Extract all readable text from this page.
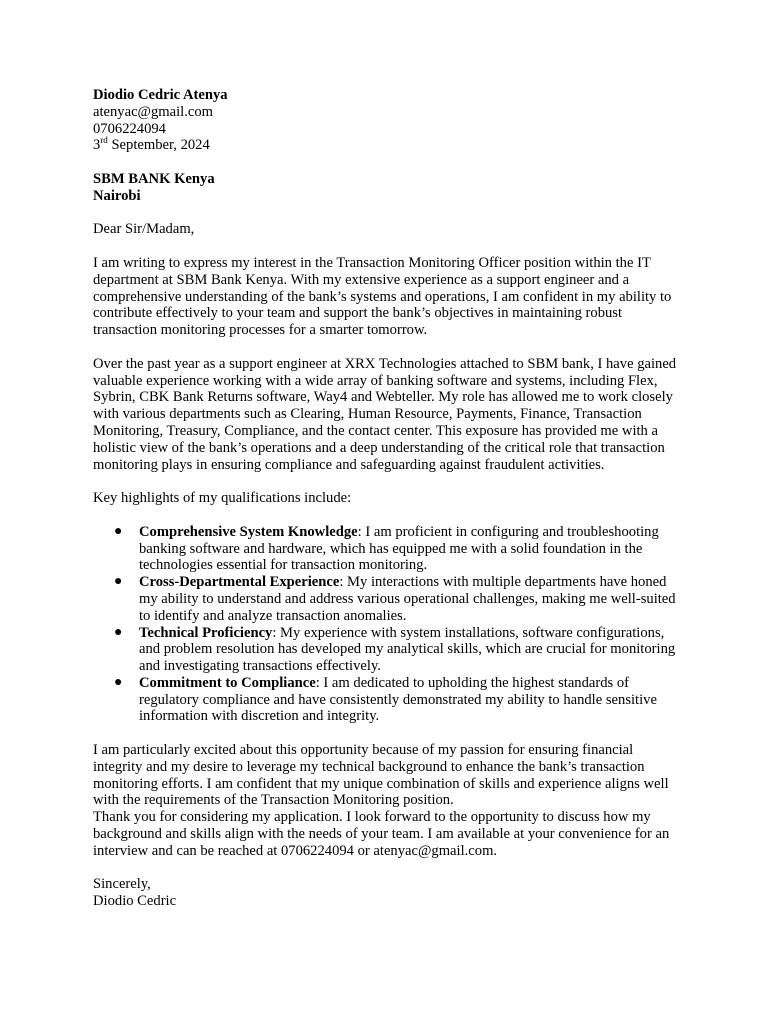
Diodio Cedric Atenya
atenyac@gmail.com
0706224094
3rd September, 2024
SBM BANK Kenya
Nairobi

Dear Sir/Madam,

I am writing to express my interest in the Transaction Monitoring Officer position within the IT department at SBM Bank Kenya. With my extensive experience as a support engineer and a comprehensive understanding of the bank’s systems and operations, I am confident in my ability to contribute effectively to your team and support the bank’s objectives in maintaining robust transaction monitoring processes for a smarter tomorrow.

Over the past year as a support engineer at XRX Technologies attached to SBM bank, I have gained valuable experience working with a wide array of banking software and systems, including Flex, Sybrin, CBK Bank Returns software, Way4 and Webteller. My role has allowed me to work closely with various departments such as Clearing, Human Resource, Payments, Finance, Transaction Monitoring, Treasury, Compliance, and the contact center. This exposure has provided me with a holistic view of the bank’s operations and a deep understanding of the critical role that transaction monitoring plays in ensuring compliance and safeguarding against fraudulent activities.

Key highlights of my qualifications include:

● Comprehensive System Knowledge: I am proficient in configuring and troubleshooting banking software and hardware, which has equipped me with a solid foundation in the technologies essential for transaction monitoring.
● Cross-Departmental Experience: My interactions with multiple departments have honed my ability to understand and address various operational challenges, making me well-suited to identify and analyze transaction anomalies.
● Technical Proficiency: My experience with system installations, software configurations, and problem resolution has developed my analytical skills, which are crucial for monitoring and investigating transactions effectively.
● Commitment to Compliance: I am dedicated to upholding the highest standards of regulatory compliance and have consistently demonstrated my ability to handle sensitive information with discretion and integrity.
I am particularly excited about this opportunity because of my passion for ensuring financial integrity and my desire to leverage my technical background to enhance the bank’s transaction monitoring efforts. I am confident that my unique combination of skills and experience aligns well with the requirements of the Transaction Monitoring position.
Thank you for considering my application. I look forward to the opportunity to discuss how my background and skills align with the needs of your team. I am available at your convenience for an interview and can be reached at 0706224094 or atenyac@gmail.com.
Sincerely,
Diodio Cedric
